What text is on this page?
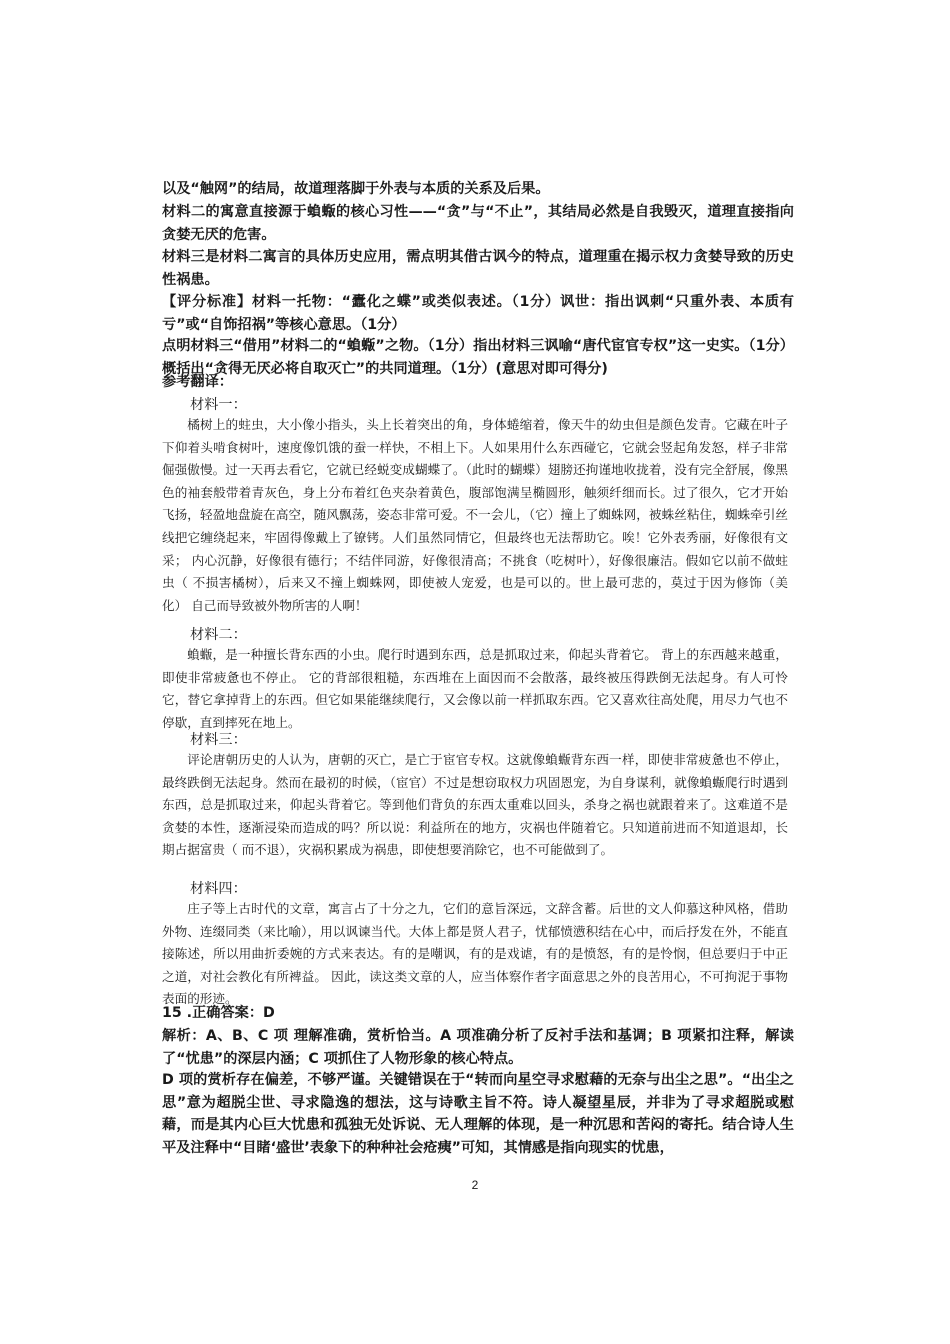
以及“触网”的结局，故道理落脚于外表与本质的关系及后果。

材料二的寓意直接源于蝜蝂的核心习性——“贪”与“不止”，其结局必然是自我毁灭，道理直接指向贪婪无厌的危害。

材料三是材料二寓言的具体历史应用，需点明其借古讽今的特点，道理重在揭示权力贪婪导致的历史性祸患。

【评分标准】材料一托物：“蠹化之蝶”或类似表述。（1分）讽世：指出讽刺“只重外表、本质有亏”或“自饰招祸”等核心意思。（1分）

点明材料三“借用”材料二的“蝜蝂”之物。（1分）指出材料三讽喻“唐代宦官专权”这一史实。（1分）概括出“贪得无厌必将自取灭亡”的共同道理。（1分）(意思对即可得分)

参考翻译：

材料一：

橘树上的蛀虫，大小像小指头，头上长着突出的角，身体蜷缩着，像天牛的幼虫但是颜色发青。它藏在叶子下仰着头啃食树叶，速度像饥饿的蚕一样快，不相上下。人如果用什么东西碰它，它就会竖起角发怒，样子非常倔强傲慢。过一天再去看它，它就已经蜕变成蝴蝶了。（此时的蝴蝶）翅膀还拘谨地收拢着，没有完全舒展，像黑色的袖套般带着青灰色，身上分布着红色夹杂着黄色，腹部饱满呈椭圆形，触须纤细而长。过了很久，它才开始飞扬，轻盈地盘旋在高空，随风飘荡，姿态非常可爱。不一会儿，（它）撞上了蜘蛛网，被蛛丝粘住，蜘蛛牵引丝线把它缠绕起来，牢固得像戴上了镣铐。人们虽然同情它，但最终也无法帮助它。唉！它外表秀丽，好像很有文采； 内心沉静，好像很有德行；不结伴同游，好像很清高；不挑食（吃树叶），好像很廉洁。假如它以前不做蛀虫（ 不损害橘树），后来又不撞上蜘蛛网，即使被人宠爱，也是可以的。世上最可悲的，莫过于因为修饰（美化） 自己而导致被外物所害的人啊！

材料二：

蝜蝂，是一种擅长背东西的小虫。爬行时遇到东西，总是抓取过来，仰起头背着它。 背上的东西越来越重，即使非常疲惫也不停止。 它的背部很粗糙，东西堆在上面因而不会散落，最终被压得跌倒无法起身。有人可怜它，替它拿掉背上的东西。但它如果能继续爬行，又会像以前一样抓取东西。它又喜欢往高处爬，用尽力气也不停歇，直到摔死在地上。

材料三：

评论唐朝历史的人认为，唐朝的灭亡，是亡于宦官专权。这就像蝜蝂背东西一样，即使非常疲惫也不停止，最终跌倒无法起身。然而在最初的时候，（宦官）不过是想窃取权力巩固恩宠，为自身谋利，就像蝜蝂爬行时遇到东西，总是抓取过来，仰起头背着它。等到他们背负的东西太重难以回头，杀身之祸也就跟着来了。这难道不是贪婪的本性，逐渐浸染而造成的吗？所以说：利益所在的地方，灾祸也伴随着它。只知道前进而不知道退却，长期占据富贵（ 而不退），灾祸积累成为祸患，即使想要消除它，也不可能做到了。

材料四：

庄子等上古时代的文章，寓言占了十分之九，它们的意旨深远，文辞含蓄。后世的文人仰慕这种风格，借助外物、连缀同类（来比喻），用以讽谏当代。大体上都是贤人君子，忧郁愤懑积结在心中，而后抒发在外，不能直接陈述，所以用曲折委婉的方式来表达。有的是嘲讽，有的是戏谑，有的是愤怒，有的是怜悯，但总要归于中正之道，对社会教化有所裨益。 因此，读这类文章的人，应当体察作者字面意思之外的良苦用心，不可拘泥于事物表面的形迹。

15 .正确答案：D

解析：A、B、C 项 理解准确，赏析恰当。A 项准确分析了反衬手法和基调；B 项紧扣注释，解读了“忧患”的深层内涵；C 项抓住了人物形象的核心特点。

D 项的赏析存在偏差，不够严谨。关键错误在于“转而向星空寻求慰藉的无奈与出尘之思”。“出尘之思”意为超脱尘世、寻求隐逸的想法，这与诗歌主旨不符。诗人凝望星辰，并非为了寻求超脱或慰藉，而是其内心巨大忧患和孤独无处诉说、无人理解的体现，是一种沉思和苦闷的寄托。结合诗人生平及注释中“目睹‘盛世’表象下的种种社会疮痍”可知，其情感是指向现实的忧患，

2
